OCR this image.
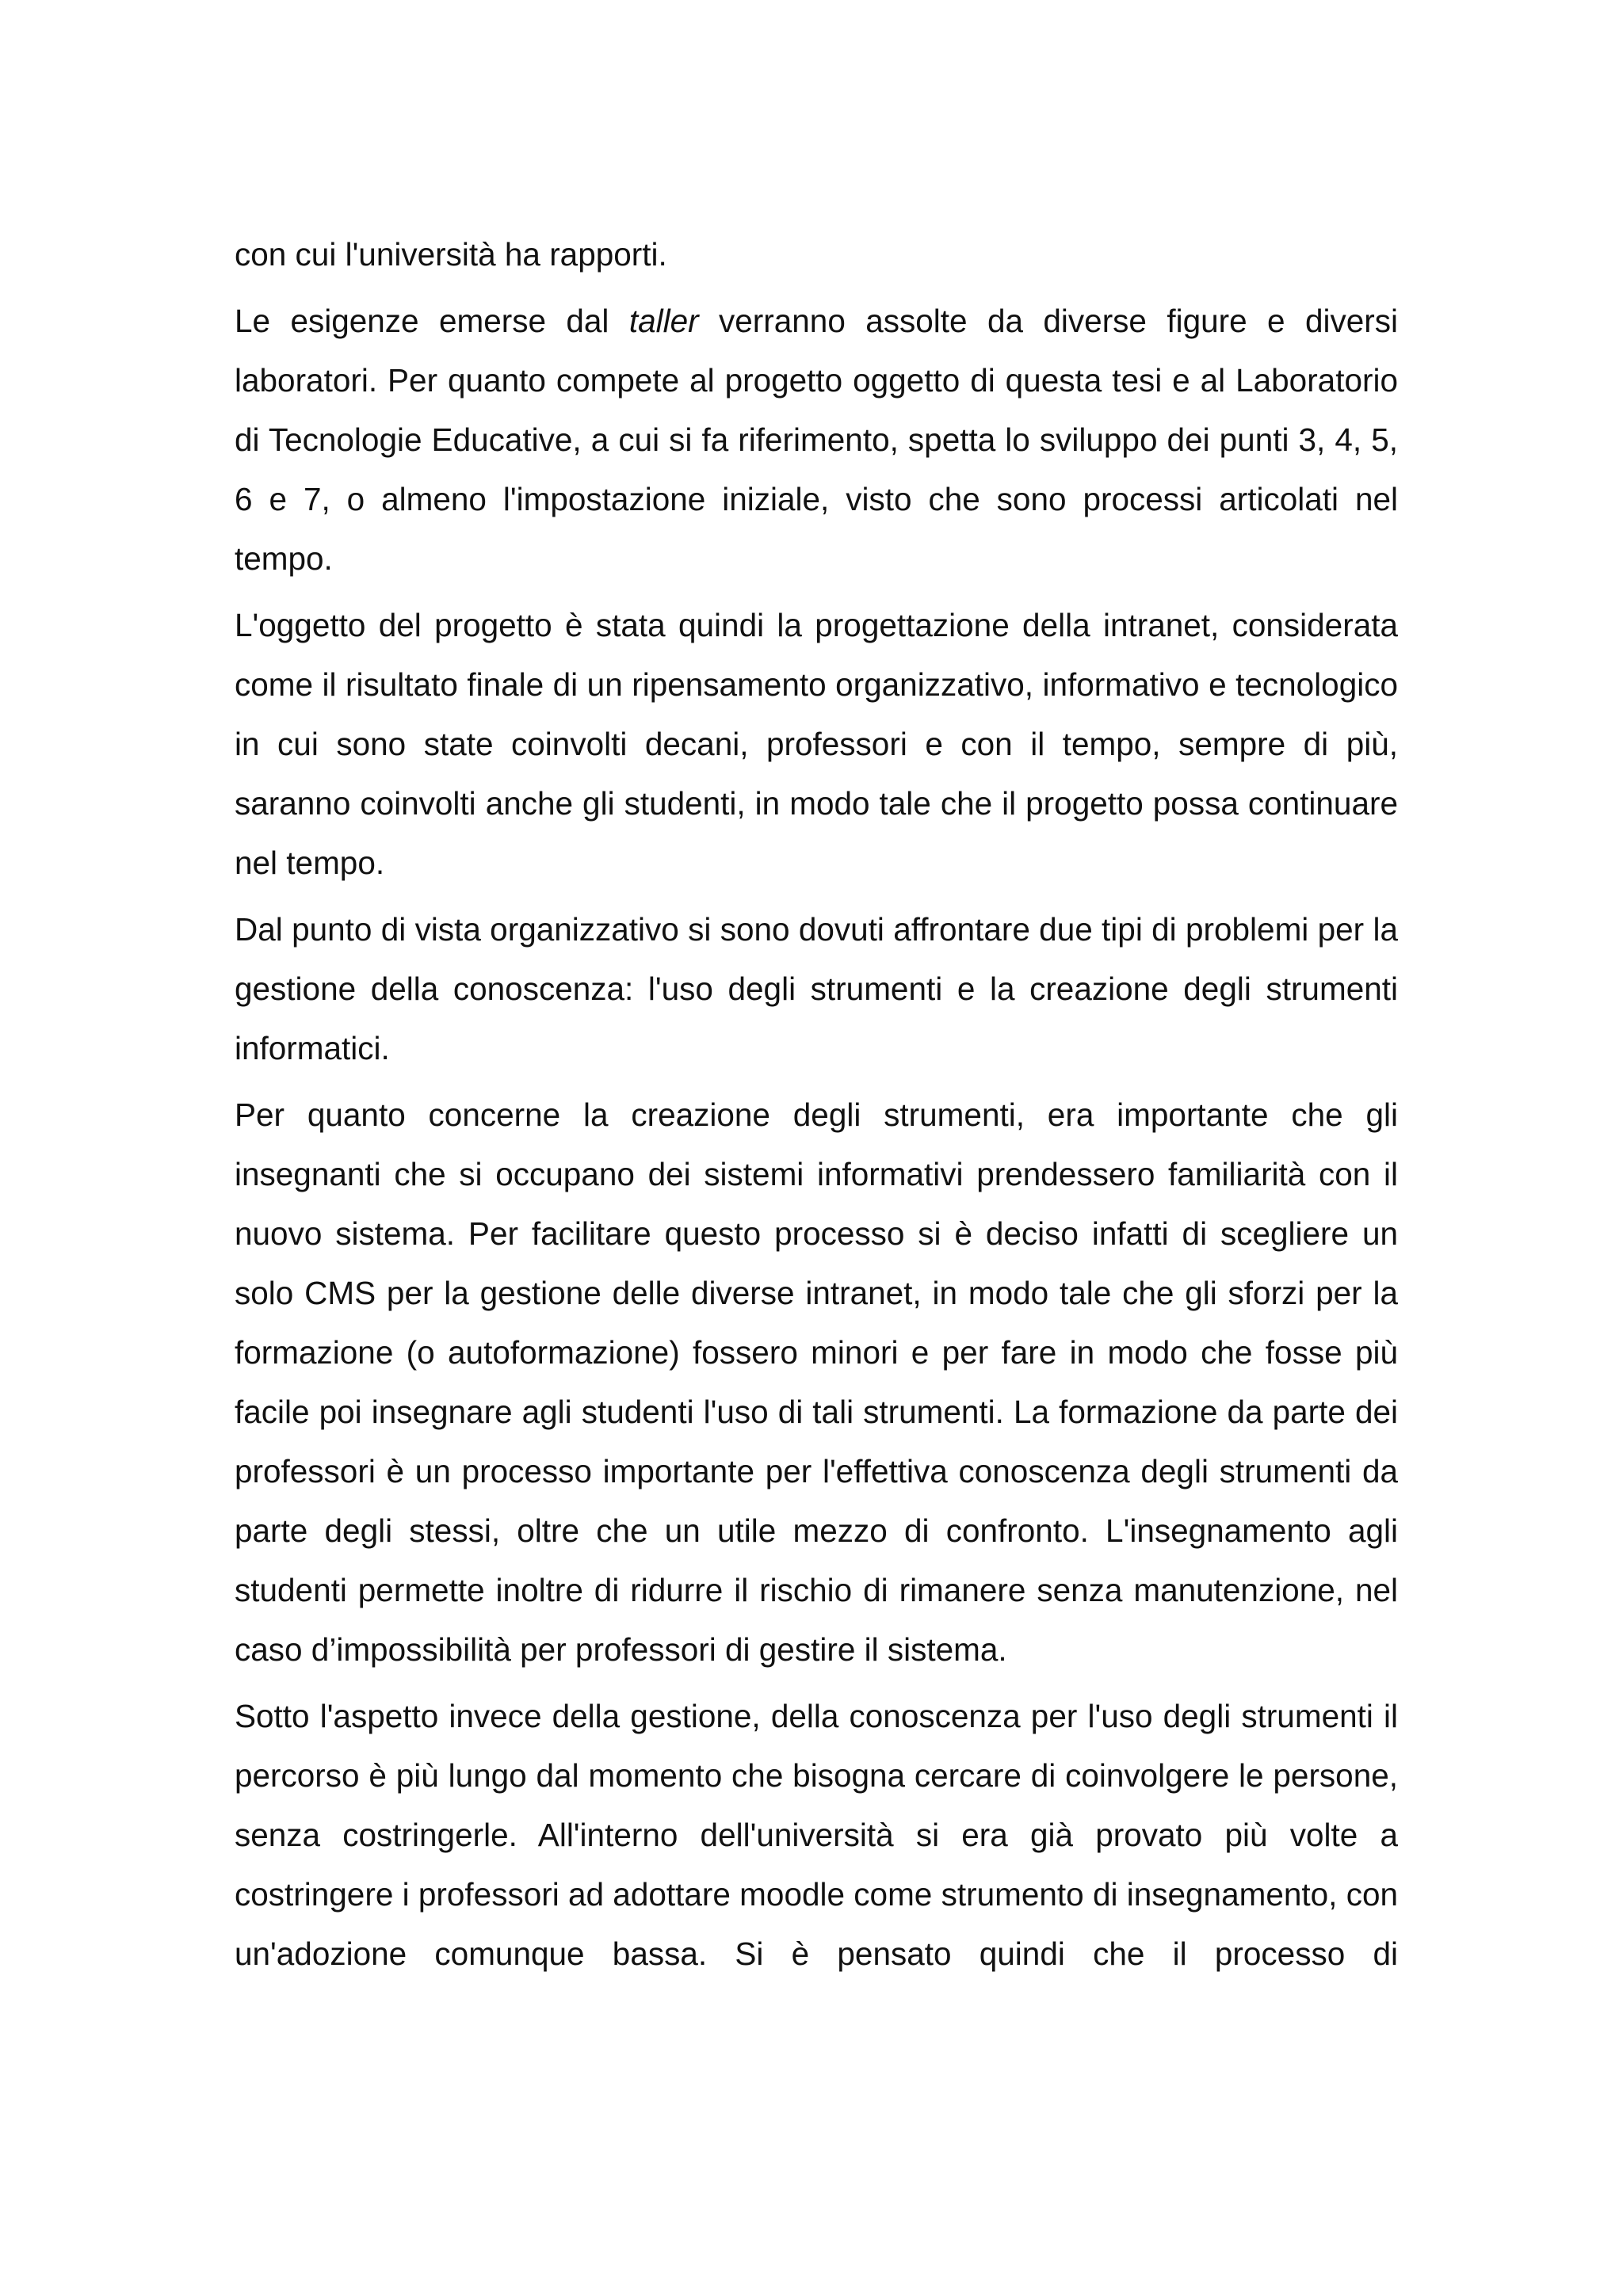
con cui l'università ha rapporti.

Le esigenze emerse dal taller verranno assolte da diverse figure e diversi laboratori. Per quanto compete al progetto oggetto di questa tesi e al Laboratorio di Tecnologie Educative, a cui si fa riferimento, spetta lo sviluppo dei punti 3, 4, 5, 6 e 7, o almeno l'impostazione iniziale, visto che sono processi articolati nel tempo.

L'oggetto del progetto è stata quindi la progettazione della intranet, considerata come il risultato finale di un ripensamento organizzativo, informativo e tecnologico in cui sono state coinvolti decani, professori e con il tempo, sempre di più, saranno coinvolti anche gli studenti, in modo tale che il progetto possa continuare nel tempo.

Dal punto di vista organizzativo si sono dovuti affrontare due tipi di problemi per la gestione della conoscenza: l'uso degli strumenti e la creazione degli strumenti informatici.

Per quanto concerne la creazione degli strumenti, era importante che gli insegnanti che si occupano dei sistemi informativi prendessero familiarità con il nuovo sistema. Per facilitare questo processo si è deciso infatti di scegliere un solo CMS per la gestione delle diverse intranet, in modo tale che gli sforzi per la formazione (o autoformazione) fossero minori e per fare in modo che fosse più facile poi insegnare agli studenti l'uso di tali strumenti. La formazione da parte dei professori è un processo importante per l'effettiva conoscenza degli strumenti da parte degli stessi, oltre che un utile mezzo di confronto. L'insegnamento agli studenti permette inoltre di ridurre il rischio di rimanere senza manutenzione, nel caso d’impossibilità per professori di gestire il sistema.

Sotto l'aspetto invece della gestione, della conoscenza per l'uso degli strumenti il percorso è più lungo dal momento che bisogna cercare di coinvolgere le persone, senza costringerle. All'interno dell'università si era già provato più volte a costringere i professori ad adottare moodle come strumento di insegnamento, con un'adozione comunque bassa. Si è pensato quindi che il processo di
